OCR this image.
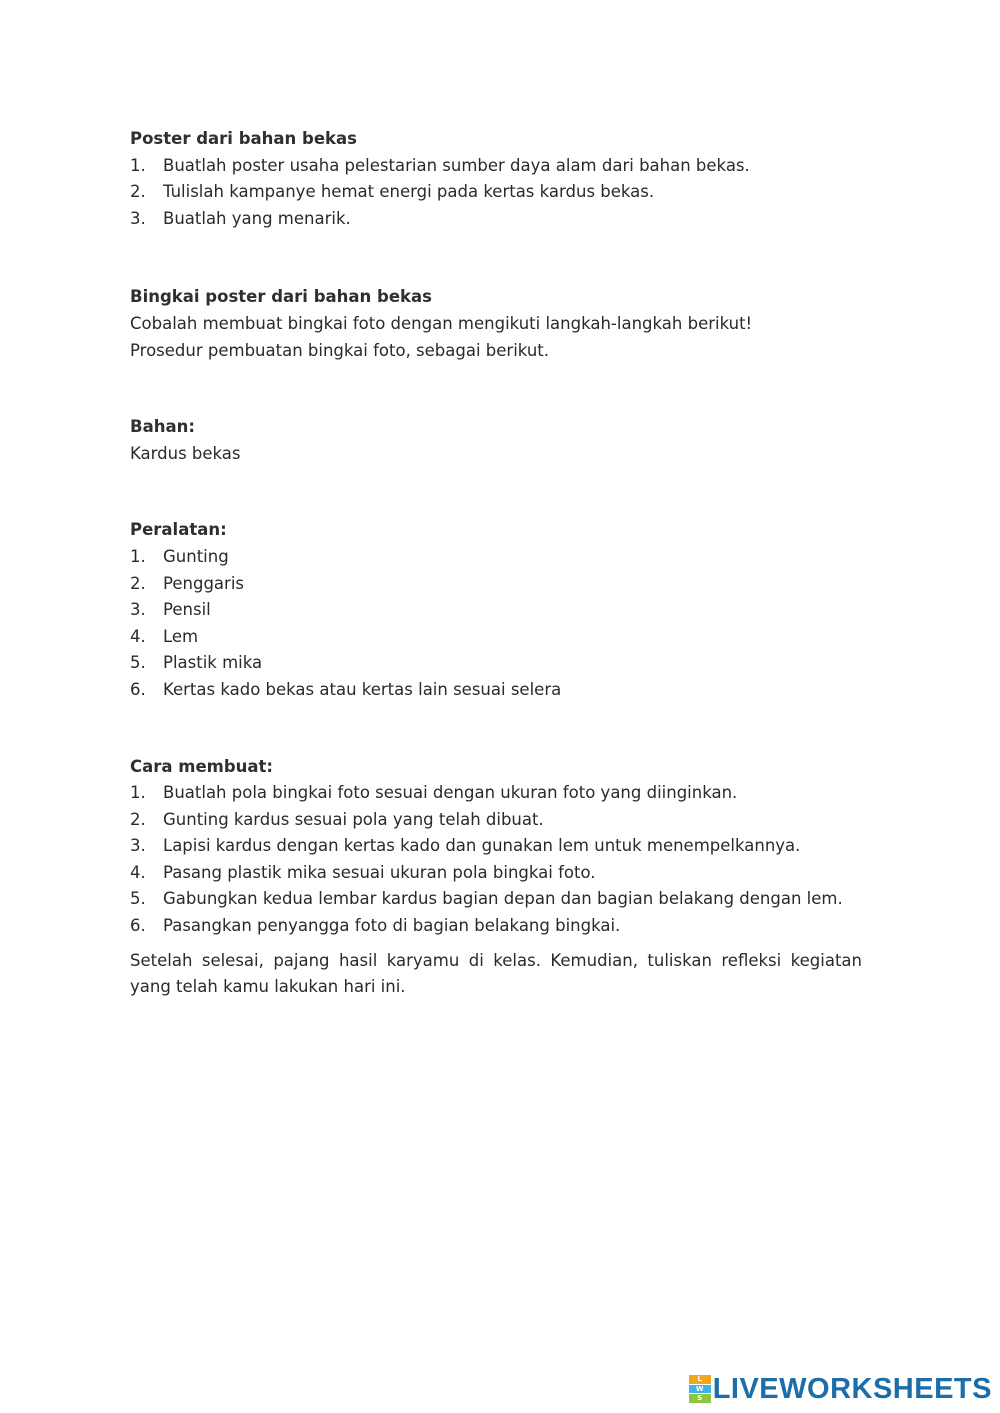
Poster dari bahan bekas

1. Buatlah poster usaha pelestarian sumber daya alam dari bahan bekas.
2. Tulislah kampanye hemat energi pada kertas kardus bekas.
3. Buatlah yang menarik.

Bingkai poster dari bahan bekas

Cobalah membuat bingkai foto dengan mengikuti langkah-langkah berikut!

Prosedur pembuatan bingkai foto, sebagai berikut.

Bahan:

Kardus bekas

Peralatan:

1. Gunting
2. Penggaris
3. Pensil
4. Lem
5. Plastik mika
6. Kertas kado bekas atau kertas lain sesuai selera

Cara membuat:

1. Buatlah pola bingkai foto sesuai dengan ukuran foto yang diinginkan.
2. Gunting kardus sesuai pola yang telah dibuat.
3. Lapisi kardus dengan kertas kado dan gunakan lem untuk menempelkannya.
4. Pasang plastik mika sesuai ukuran pola bingkai foto.
5. Gabungkan kedua lembar kardus bagian depan dan bagian belakang dengan lem.
6. Pasangkan penyangga foto di bagian belakang bingkai.

Setelah selesai, pajang hasil karyamu di kelas. Kemudian, tuliskan refleksi kegiatan yang telah kamu lakukan hari ini.

L
W
S LIVEWORKSHEETS
